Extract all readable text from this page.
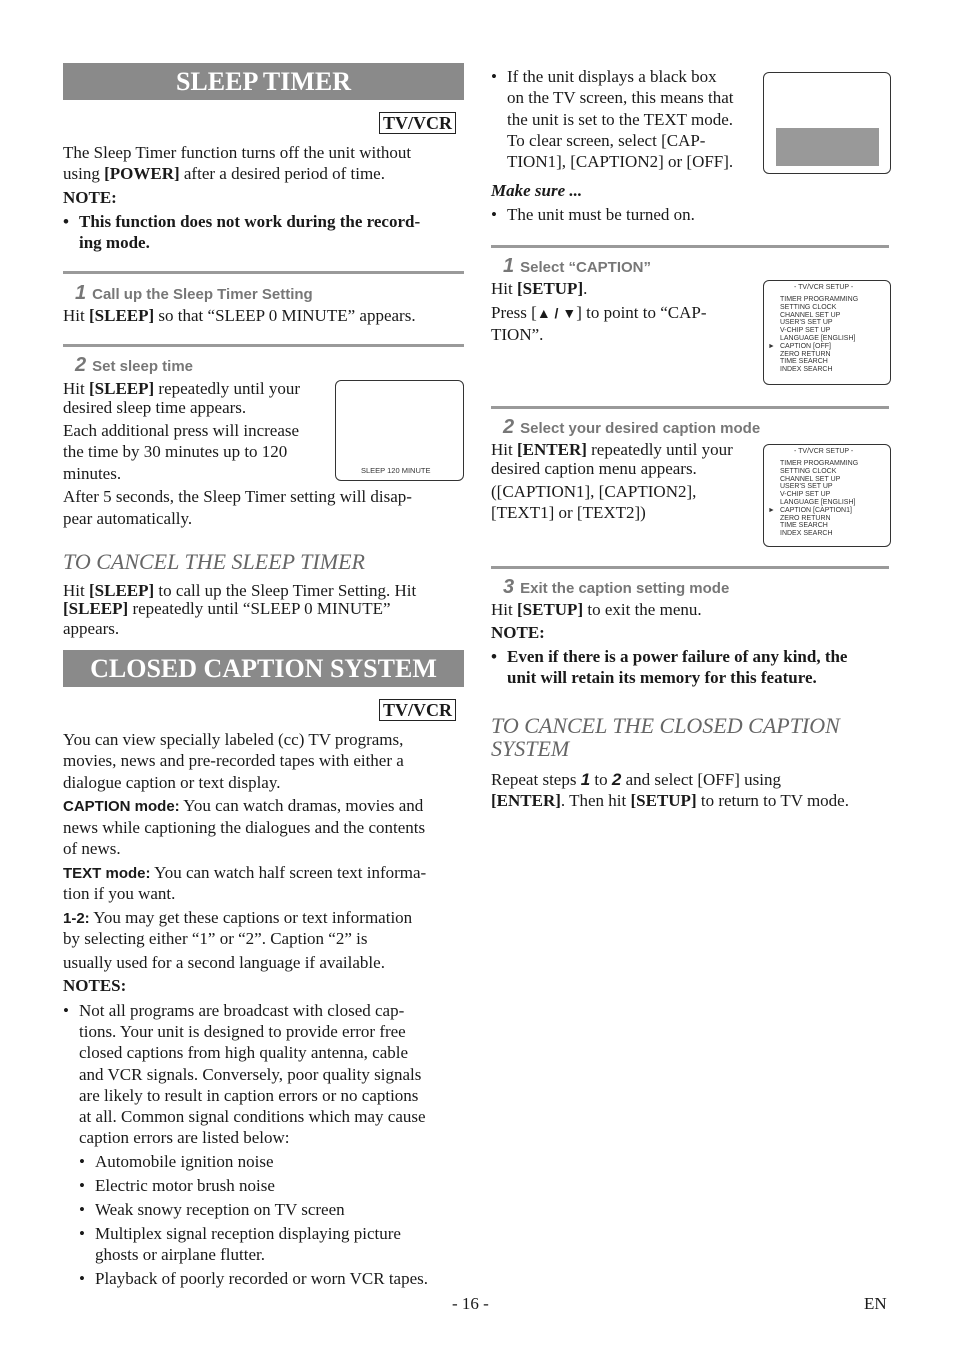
SLEEP TIMER
TV/VCR
The Sleep Timer function turns off the unit without
using [POWER] after a desired period of time.
NOTE:
• This function does not work during the record-
ing mode.
1 Call up the Sleep Timer Setting
Hit [SLEEP] so that “SLEEP 0 MINUTE” appears.
2 Set sleep time
Hit [SLEEP] repeatedly until your
desired sleep time appears.
Each additional press will increase
the time by 30 minutes up to 120
minutes.	SLEEP 120 MINUTE
After 5 seconds, the Sleep Timer setting will disap-
pear automatically.
TO CANCEL THE SLEEP TIMER
Hit [SLEEP] to call up the Sleep Timer Setting. Hit
[SLEEP] repeatedly until “SLEEP 0 MINUTE”
appears.
CLOSED CAPTION SYSTEM
TV/VCR
You can view specially labeled (cc) TV programs,
movies, news and pre-recorded tapes with either a
dialogue caption or text display.
CAPTION mode: You can watch dramas, movies and
news while captioning the dialogues and the contents
of news.
TEXT mode: You can watch half screen text informa-
tion if you want.
1-2: You may get these captions or text information
by selecting either “1” or “2”. Caption “2” is
usually used for a second language if available.
NOTES:
• Not all programs are broadcast with closed cap-
tions. Your unit is designed to provide error free
closed captions from high quality antenna, cable
and VCR signals. Conversely, poor quality signals
are likely to result in caption errors or no captions
at all. Common signal conditions which may cause
caption errors are listed below:
• Automobile ignition noise
• Electric motor brush noise
• Weak snowy reception on TV screen
• Multiplex signal reception displaying picture
ghosts or airplane flutter.
• Playback of poorly recorded or worn VCR tapes.
• If the unit displays a black box
on the TV screen, this means that
the unit is set to the TEXT mode.
To clear screen, select [CAP-
TION1], [CAPTION2] or [OFF].
Make sure ...
• The unit must be turned on.
1 Select “CAPTION”
Hit [SETUP].
Press [▲ / ▼] to point to “CAP-
TION”.
- TV/VCR SETUP -
TIMER PROGRAMMING
SETTING CLOCK
CHANNEL SET UP
USER'S SET UP
V-CHIP SET UP
LANGUAGE [ENGLISH]
CAPTION [OFF]
ZERO RETURN
TIME SEARCH
INDEX SEARCH
►
2 Select your desired caption mode
Hit [ENTER] repeatedly until your
desired caption menu appears.
([CAPTION1], [CAPTION2],
[TEXT1] or [TEXT2])
- TV/VCR SETUP -
TIMER PROGRAMMING
SETTING CLOCK
CHANNEL SET UP
USER'S SET UP
V-CHIP SET UP
LANGUAGE [ENGLISH]
CAPTION [CAPTION1]
ZERO RETURN
TIME SEARCH
INDEX SEARCH
►
3 Exit the caption setting mode
Hit [SETUP] to exit the menu.
NOTE:
• Even if there is a power failure of any kind, the
unit will retain its memory for this feature.
TO CANCEL THE CLOSED CAPTION
SYSTEM
Repeat steps 1 to 2 and select [OFF] using
[ENTER]. Then hit [SETUP] to return to TV mode.
- 16 -	EN
